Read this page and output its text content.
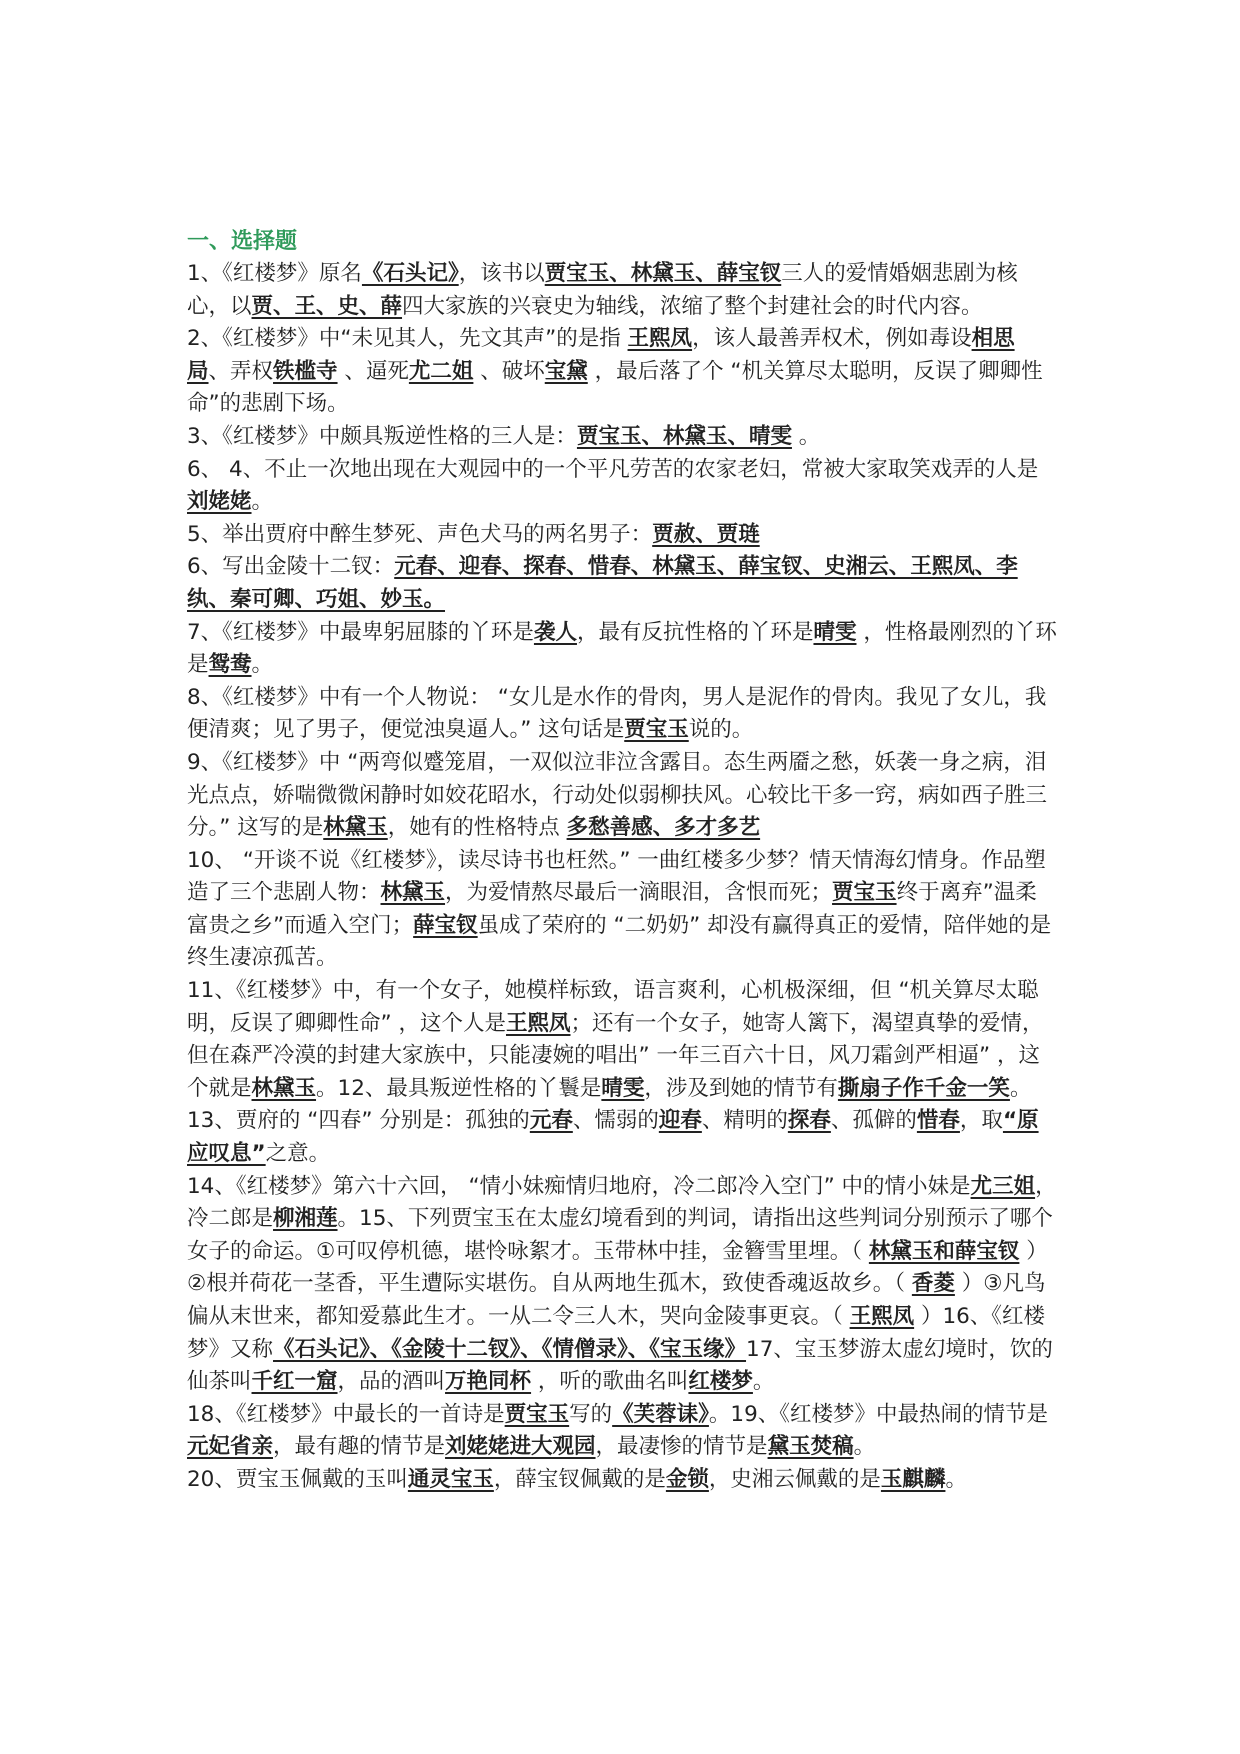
一、选择题

1、《红楼梦》原名《石头记》，该书以贾宝玉、林黛玉、薛宝钗三人的爱情婚姻悲剧为核心，以贾、王、史、薛四大家族的兴衰史为轴线，浓缩了整个封建社会的时代内容。

2、《红楼梦》中“未见其人，先文其声”的是指 王熙凤，该人最善弄权术，例如毒设相思局、弄权铁槛寺 、逼死尤二姐 、破坏宝黛 ，最后落了个 “机关算尽太聪明，反误了卿卿性命”的悲剧下场。

3、《红楼梦》中颇具叛逆性格的三人是：贾宝玉、林黛玉、晴雯 。

6、 4、不止一次地出现在大观园中的一个平凡劳苦的农家老妇，常被大家取笑戏弄的人是 刘姥姥。

5、举出贾府中醉生梦死、声色犬马的两名男子：贾赦、贾琏

6、写出金陵十二钗：元春、迎春、探春、惜春、林黛玉、薛宝钗、史湘云、王熙凤、李纨、秦可卿、巧姐、妙玉。

7、《红楼梦》中最卑躬屈膝的丫环是袭人，最有反抗性格的丫环是晴雯 ，性格最刚烈的丫环是鸳鸯。

8、《红楼梦》中有一个人物说： “女儿是水作的骨肉，男人是泥作的骨肉。我见了女儿，我便清爽；见了男子，便觉浊臭逼人。” 这句话是贾宝玉说的。

9、《红楼梦》中 “两弯似蹙笼眉，一双似泣非泣含露目。态生两靥之愁，妖袭一身之病，泪光点点，娇喘微微闲静时如姣花昭水，行动处似弱柳扶风。心较比干多一窍，病如西子胜三分。” 这写的是林黛玉，她有的性格特点 多愁善感、多才多艺

10、 “开谈不说《红楼梦》，读尽诗书也枉然。” 一曲红楼多少梦？情天情海幻情身。作品塑造了三个悲剧人物：林黛玉，为爱情熬尽最后一滴眼泪，含恨而死；贾宝玉终于离弃”温柔富贵之乡”而遁入空门；薛宝钗虽成了荣府的 “二奶奶” 却没有赢得真正的爱情，陪伴她的是终生凄凉孤苦。

11、《红楼梦》中，有一个女子，她模样标致，语言爽利，心机极深细，但 “机关算尽太聪明，反误了卿卿性命” ，这个人是王熙凤；还有一个女子，她寄人篱下，渴望真挚的爱情，但在森严冷漠的封建大家族中，只能凄婉的唱出” 一年三百六十日，风刀霜剑严相逼” ，这个就是林黛玉。12、最具叛逆性格的丫鬟是晴雯，涉及到她的情节有撕扇子作千金一笑。

13、贾府的 “四春” 分别是：孤独的元春、懦弱的迎春、精明的探春、孤僻的惜春，取“原应叹息”之意。

14、《红楼梦》第六十六回， “情小妹痴情归地府，冷二郎冷入空门” 中的情小妹是尤三姐，冷二郎是柳湘莲。15、下列贾宝玉在太虚幻境看到的判词，请指出这些判词分别预示了哪个女子的命运。①可叹停机德，堪怜咏絮才。玉带林中挂，金簪雪里埋。（ 林黛玉和薛宝钗 ）②根并荷花一茎香，平生遭际实堪伤。自从两地生孤木，致使香魂返故乡。（ 香菱 ）③凡鸟偏从末世来，都知爱慕此生才。一从二令三人木，哭向金陵事更哀。（ 王熙凤 ）16、《红楼梦》又称《石头记》、《金陵十二钗》、《情僧录》、《宝玉缘》17、宝玉梦游太虚幻境时，饮的仙茶叫千红一窟，品的酒叫万艳同杯 ，听的歌曲名叫红楼梦。

18、《红楼梦》中最长的一首诗是贾宝玉写的《芙蓉诔》。19、《红楼梦》中最热闹的情节是元妃省亲，最有趣的情节是刘姥姥进大观园，最凄惨的情节是黛玉焚稿。

20、贾宝玉佩戴的玉叫通灵宝玉，薛宝钗佩戴的是金锁，史湘云佩戴的是玉麒麟。
